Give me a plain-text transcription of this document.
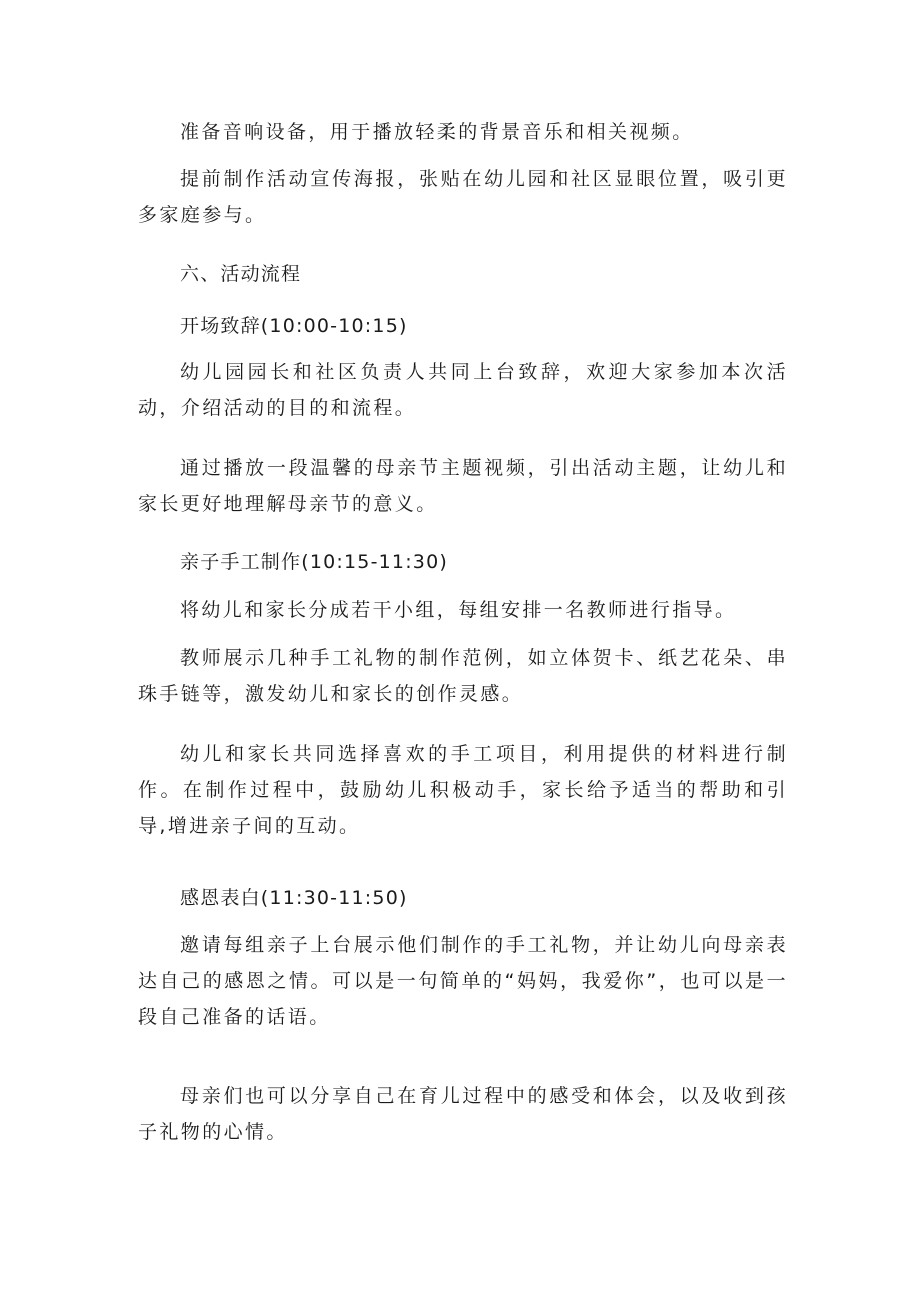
准备音响设备，用于播放轻柔的背景音乐和相关视频。

提前制作活动宣传海报，张贴在幼儿园和社区显眼位置，吸引更多家庭参与。

六、活动流程

开场致辞(10:00-10:15)

幼儿园园长和社区负责人共同上台致辞，欢迎大家参加本次活动，介绍活动的目的和流程。

通过播放一段温馨的母亲节主题视频，引出活动主题，让幼儿和家长更好地理解母亲节的意义。

亲子手工制作(10:15-11:30)

将幼儿和家长分成若干小组，每组安排一名教师进行指导。

教师展示几种手工礼物的制作范例，如立体贺卡、纸艺花朵、串珠手链等，激发幼儿和家长的创作灵感。

幼儿和家长共同选择喜欢的手工项目，利用提供的材料进行制作。在制作过程中，鼓励幼儿积极动手，家长给予适当的帮助和引导,增进亲子间的互动。

感恩表白(11:30-11:50)

邀请每组亲子上台展示他们制作的手工礼物，并让幼儿向母亲表达自己的感恩之情。可以是一句简单的“妈妈，我爱你”，也可以是一段自己准备的话语。

母亲们也可以分享自己在育儿过程中的感受和体会，以及收到孩子礼物的心情。
